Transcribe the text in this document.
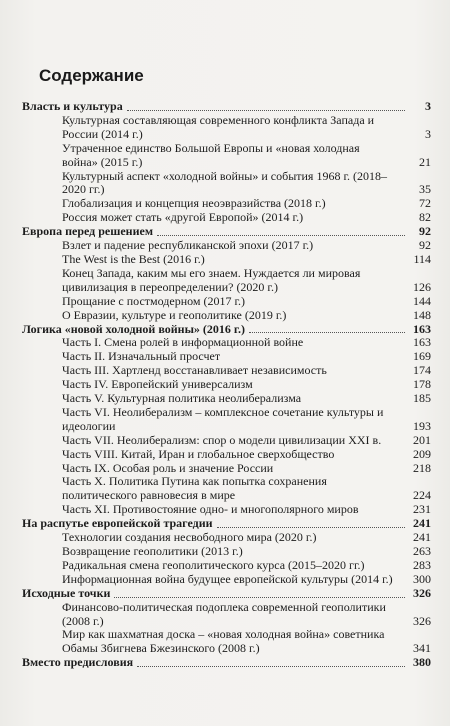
Содержание
Власть и культура	3
Культурная составляющая современного конфликта Запада и России (2014 г.)	3
Утраченное единство Большой Европы и «новая холодная война» (2015 г.)	21
Культурный аспект «холодной войны» и события 1968 г. (2018–2020 гг.)	35
Глобализация и концепция неоэвразийства (2018 г.)	72
Россия может стать «другой Европой» (2014 г.)	82
Европа перед решением	92
Взлет и падение республиканской эпохи (2017 г.)	92
The West is the Best (2016 г.)	114
Конец Запада, каким мы его знаем. Нуждается ли мировая цивилизация в переопределении? (2020 г.)	126
Прощание с постмодерном (2017 г.)	144
О Евразии, культуре и геополитике (2019 г.)	148
Логика «новой холодной войны» (2016 г.)	163
Часть I. Смена ролей в информационной войне	163
Часть II. Изначальный просчет	169
Часть III. Хартленд восстанавливает независимость	174
Часть IV. Европейский универсализм	178
Часть V. Культурная политика неолиберализма	185
Часть VI. Неолиберализм – комплексное сочетание культуры и идеологии	193
Часть VII. Неолиберализм: спор о модели цивилизации XXI в.	201
Часть VIII. Китай, Иран и глобальное сверхобщество	209
Часть IX. Особая роль и значение России	218
Часть X. Политика Путина как попытка сохранения политического равновесия в мире	224
Часть XI. Противостояние одно- и многополярного миров	231
На распутье европейской трагедии	241
Технологии создания несвободного мира (2020 г.)	241
Возвращение геополитики (2013 г.)	263
Радикальная смена геополитического курса (2015–2020 гг.)	283
Информационная война будущее европейской культуры (2014 г.)	300
Исходные точки	326
Финансово-политическая подоплека современной геополитики (2008 г.)	326
Мир как шахматная доска – «новая холодная война» советника Обамы Збигнева Бжезинского (2008 г.)	341
Вместо предисловия	380
